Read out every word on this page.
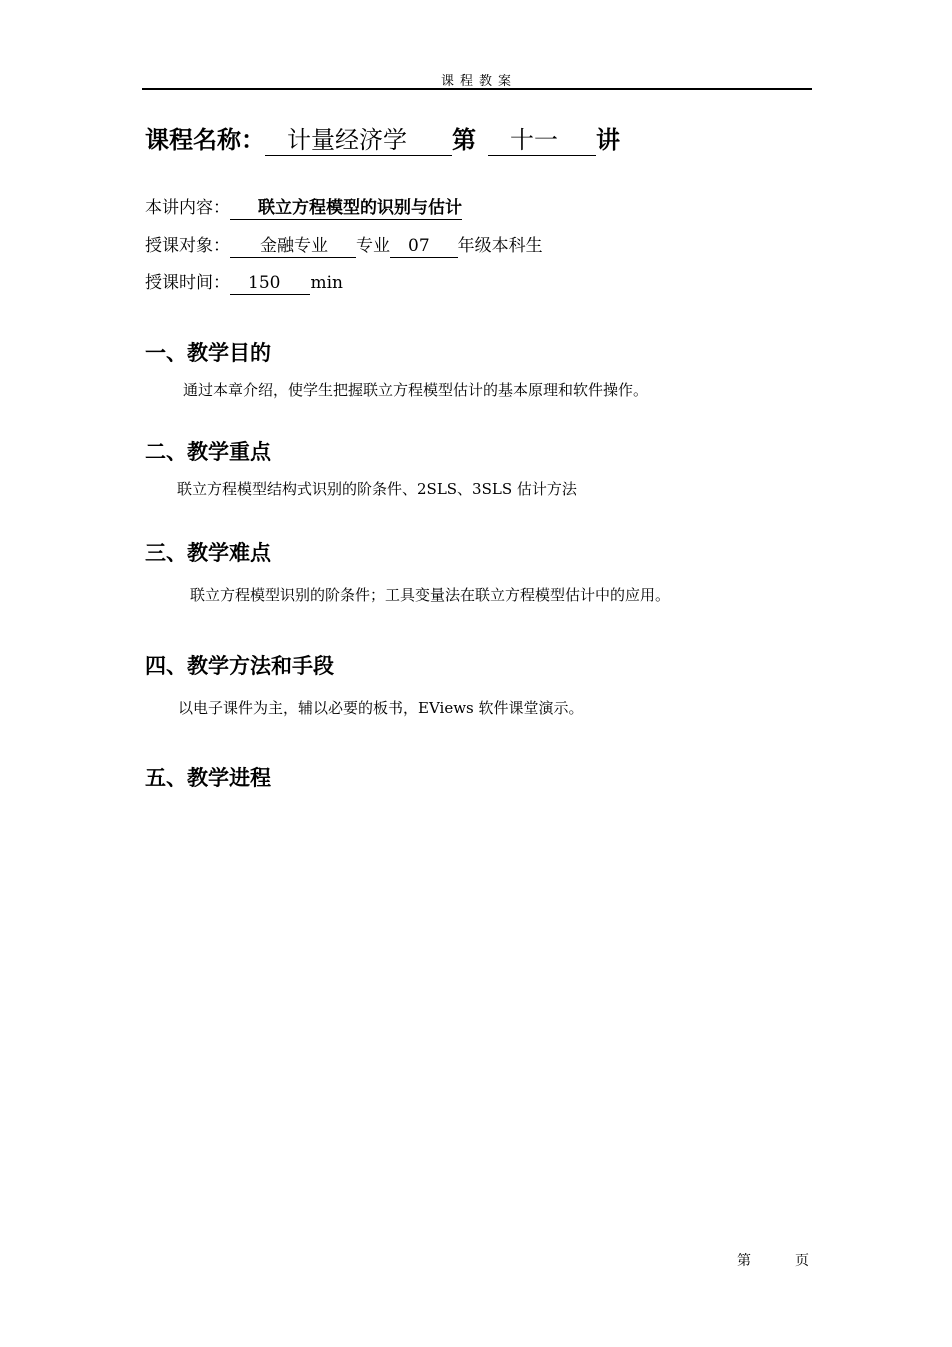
课程教案
课程名称： 计量经济学 第 十一 讲
本讲内容： 联立方程模型的识别与估计
授课对象： 金融专业 专业 07 年级本科生
授课时间： 150 min
一、教学目的
通过本章介绍，使学生把握联立方程模型估计的基本原理和软件操作。
二、教学重点
联立方程模型结构式识别的阶条件、2SLS、3SLS 估计方法
三、教学难点
联立方程模型识别的阶条件；工具变量法在联立方程模型估计中的应用。
四、教学方法和手段
以电子课件为主，辅以必要的板书，EViews 软件课堂演示。
五、教学进程
第	页
